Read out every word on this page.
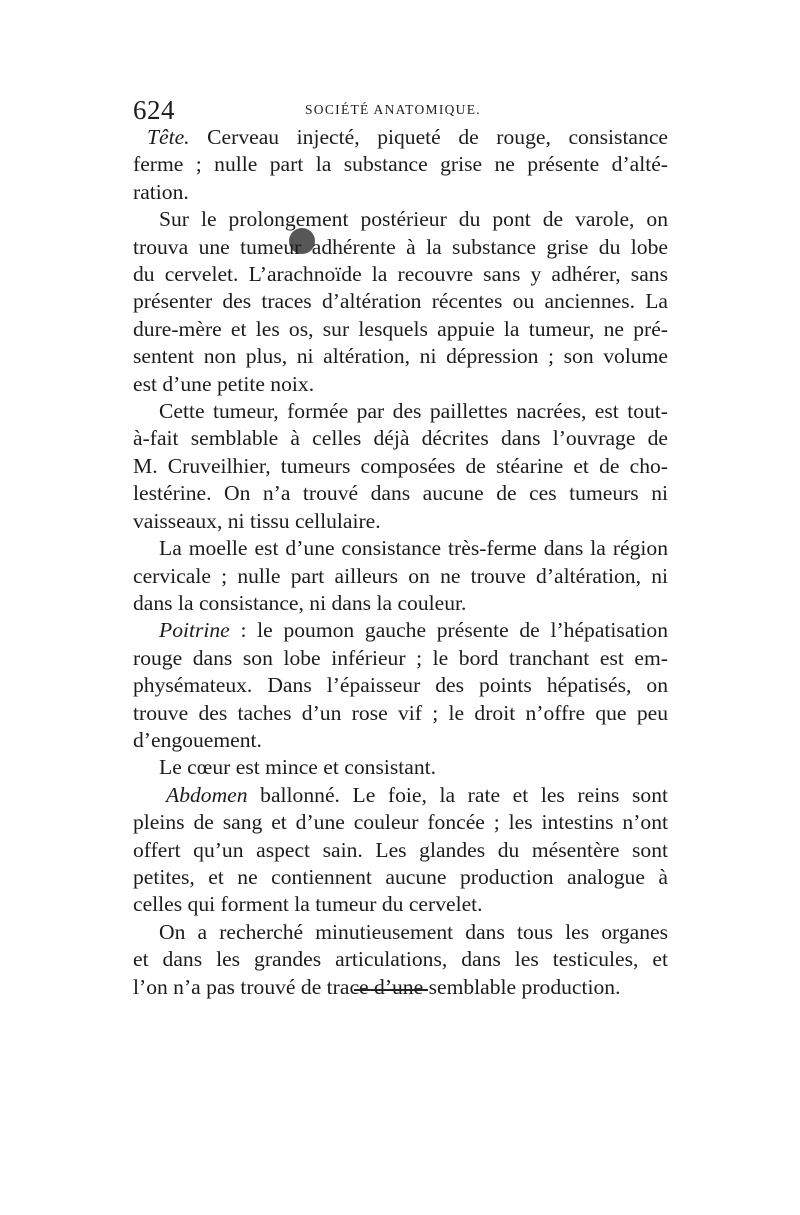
624	SOCIÉTÉ ANATOMIQUE.
Tête. Cerveau injecté, piqueté de rouge, consistance
ferme ; nulle part la substance grise ne présente d’alté-
ration.
Sur le prolongement postérieur du pont de varole, on
trouva une tumeur adhérente à la substance grise du lobe
du cervelet. L’arachnoïde la recouvre sans y adhérer, sans
présenter des traces d’altération récentes ou anciennes. La
dure-mère et les os, sur lesquels appuie la tumeur, ne pré-
sentent non plus, ni altération, ni dépression ; son volume
est d’une petite noix.
Cette tumeur, formée par des paillettes nacrées, est tout-
à-fait semblable à celles déjà décrites dans l’ouvrage de
M. Cruveilhier, tumeurs composées de stéarine et de cho-
lestérine. On n’a trouvé dans aucune de ces tumeurs ni
vaisseaux, ni tissu cellulaire.
La moelle est d’une consistance très-ferme dans la région
cervicale ; nulle part ailleurs on ne trouve d’altération, ni
dans la consistance, ni dans la couleur.
Poitrine : le poumon gauche présente de l’hépatisation
rouge dans son lobe inférieur ; le bord tranchant est em-
physémateux. Dans l’épaisseur des points hépatisés, on
trouve des taches d’un rose vif ; le droit n’offre que peu
d’engouement.
Le cœur est mince et consistant.
Abdomen ballonné. Le foie, la rate et les reins sont
pleins de sang et d’une couleur foncée ; les intestins n’ont
offert qu’un aspect sain. Les glandes du mésentère sont
petites, et ne contiennent aucune production analogue à
celles qui forment la tumeur du cervelet.
On a recherché minutieusement dans tous les organes
et dans les grandes articulations, dans les testicules, et
l’on n’a pas trouvé de trace d’une semblable production.
